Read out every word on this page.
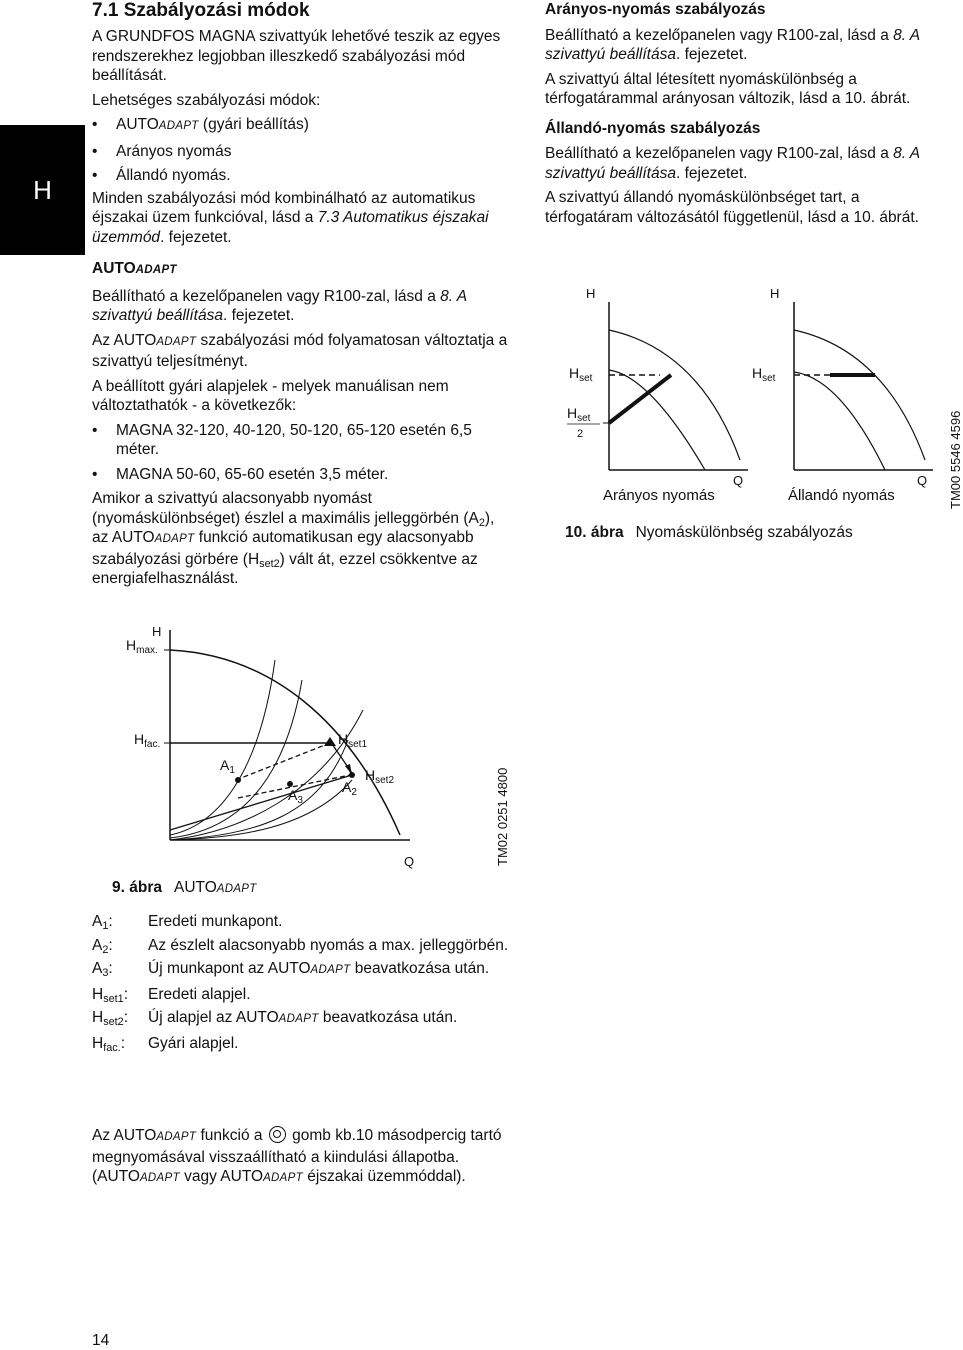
H
7.1 Szabályozási módok
A GRUNDFOS MAGNA szivattyúk lehetővé teszik az egyes rendszerekhez legjobban illeszkedő szabályozási mód beállítását.
Lehetséges szabályozási módok:
• AUTOADAPT (gyári beállítás)
• Arányos nyomás
• Állandó nyomás.
Minden szabályozási mód kombinálható az automatikus éjszakai üzem funkcióval, lásd a 7.3 Automatikus éjszakai üzemmód. fejezetet.
AUTOADAPT
Beállítható a kezelőpanelen vagy R100-zal, lásd a 8. A szivattyú beállítása. fejezetet.
Az AUTOADAPT szabályozási mód folyamatosan változtatja a szivattyú teljesítményt.
A beállított gyári alapjelek - melyek manuálisan nem változtathatók - a következők:
• MAGNA 32-120, 40-120, 50-120, 65-120 esetén 6,5 méter.
• MAGNA 50-60, 65-60 esetén 3,5 méter.
Amikor a szivattyú alacsonyabb nyomást (nyomáskülönbséget) észlel a maximális jelleggörbén $(A_2)$, az AUTOADAPT funkció automatikusan egy alacsonyabb szabályozási görbére $(H_{set2})$ vált át, ezzel csökkentve az energiafelhasználást.
Arányos-nyomás szabályozás
Beállítható a kezelőpanelen vagy R100-zal, lásd a 8. A szivattyú beállítása. fejezetet.
A szivattyú által létesített nyomáskülönbség a térfogatárammal arányosan változik, lásd a 10. ábrát.
Állandó-nyomás szabályozás
Beállítható a kezelőpanelen vagy R100-zal, lásd a 8. A szivattyú beállítása. fejezetet.
A szivattyú állandó nyomáskülönbséget tart, a térfogatáram változásától függetlenül, lásd a 10. ábrát.
H
Q
$H_{set}$
$H_{set}$
2
Arányos nyomás
H
Q
$H_{set}$
Állandó nyomás
10. ábra Nyomáskülönbség szabályozás
TM00 5546 4596
H
Q
$H_{max.}$
$H_{fac.}$	$H_{set1}$
$H_{set2}$
$A_1$
$A_3$
$A_2$
9. ábra AUTOADAPT
TM02 0251 4800
$A_1$:	Eredeti munkapont.
$A_2$:	Az észlelt alacsonyabb nyomás a max. jelleggörbén.
$A_3$:	Új munkapont az AUTOADAPT beavatkozása után.
$H_{set1}$:	Eredeti alapjel.
$H_{set2}$:	Új alapjel az AUTOADAPT beavatkozása után.
$H_{fac.}$:	Gyári alapjel.
Az AUTOADAPT funkció a  gomb kb.10 másodpercig tartó megnyomásával visszaállítható a kiindulási állapotba. (AUTOADAPT vagy AUTOADAPT éjszakai üzemmóddal).
14
